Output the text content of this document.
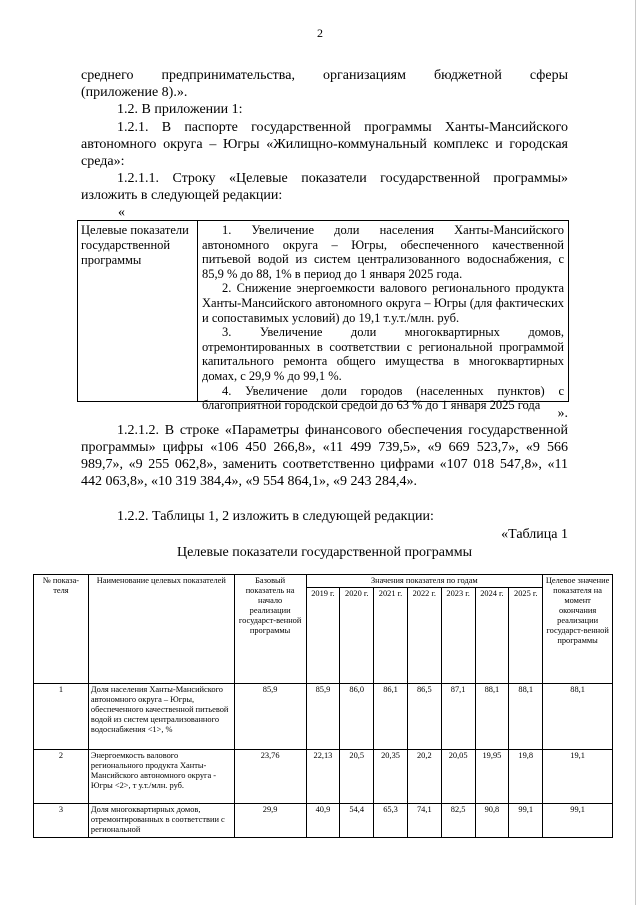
2
среднего предпринимательства, организациям бюджетной сферы
(приложение 8).».
1.2. В приложении 1:
1.2.1. В паспорте государственной программы Ханты-Мансийского автономного округа – Югры «Жилищно-коммунальный комплекс и городская среда»:
1.2.1.1. Строку «Целевые показатели государственной программы» изложить в следующей редакции:
«
Целевые показатели государственной программы
1. Увеличение доли населения Ханты-Мансийского автономного округа – Югры, обеспеченного качественной питьевой водой из систем централизованного водоснабжения, с 85,9 % до 88, 1% в период до 1 января 2025 года.
2. Снижение энергоемкости валового регионального продукта Ханты-Мансийского автономного округа – Югры (для фактических и сопоставимых условий) до 19,1 т.у.т./млн. руб.
3. Увеличение доли многоквартирных домов, отремонтированных в соответствии с региональной программой капитального ремонта общего имущества в многоквартирных домах, с 29,9 % до 99,1 %.
4. Увеличение доли городов (населенных пунктов) с
благоприятной городской средой до 63 % до 1 января 2025 года
».
1.2.1.2. В строке «Параметры финансового обеспечения государственной программы» цифры «106 450 266,8», «11 499 739,5», «9 669 523,7», «9 566 989,7», «9 255 062,8», заменить соответственно цифрами «107 018 547,8», «11 442 063,8», «10 319 384,4», «9 554 864,1», «9 243 284,4».
1.2.2. Таблицы 1, 2 изложить в следующей редакции:
«Таблица 1
Целевые показатели государственной программы
№ показа-теля	Наименование целевых показателей	Базовый показатель на начало реализации государст-венной программы	Значения показателя по годам							Целевое значение показателя на момент окончания реализации государст-венной программы
			2019 г.	2020 г.	2021 г.	2022 г.	2023 г.	2024 г.	2025 г.	
1	Доля населения Ханты-Мансийского автономного округа – Югры, обеспеченного качественной питьевой водой из систем централизованного водоснабжения <1>, %	85,9	85,9	86,0	86,1	86,5	87,1	88,1	88,1	88,1
2	Энергоемкость валового регионального продукта Ханты-Мансийского автономного округа - Югры <2>, т у.т./млн. руб.	23,76	22,13	20,5	20,35	20,2	20,05	19,95	19,8	19,1
3	Доля многоквартирных домов, отремонтированных в соответствии с региональной	29,9	40,9	54,4	65,3	74,1	82,5	90,8	99,1	99,1
